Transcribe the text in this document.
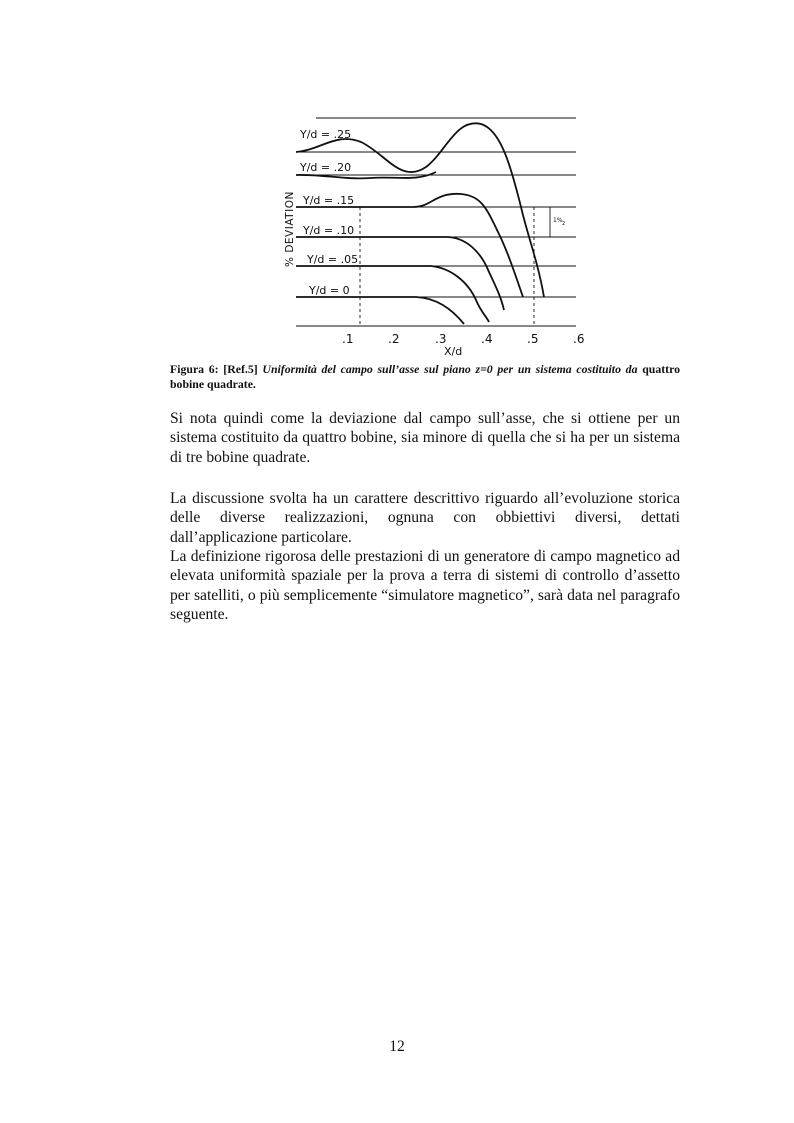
Y/d = .25
Y/d = .20
Y/d = .15
Y/d = .10
Y/d = .05
Y/d = 0
1% 2
% DEVIATION
.1	.2	.3	.4	.5	.6
X/d
Figura 6: [Ref.5] Uniformità del campo sull’asse sul piano z=0 per un sistema costituito da quattro bobine quadrate.

Si nota quindi come la deviazione dal campo sull’asse, che si ottiene per un sistema costituito da quattro bobine, sia minore di quella che si ha per un sistema di tre bobine quadrate.

La discussione svolta ha un carattere descrittivo riguardo all’evoluzione storica delle diverse realizzazioni, ognuna con obbiettivi diversi, dettati dall’applicazione particolare.

La definizione rigorosa delle prestazioni di un generatore di campo magnetico ad elevata uniformità spaziale per la prova a terra di sistemi di controllo d’assetto per satelliti, o più semplicemente “simulatore magnetico”, sarà data nel paragrafo seguente.

12
